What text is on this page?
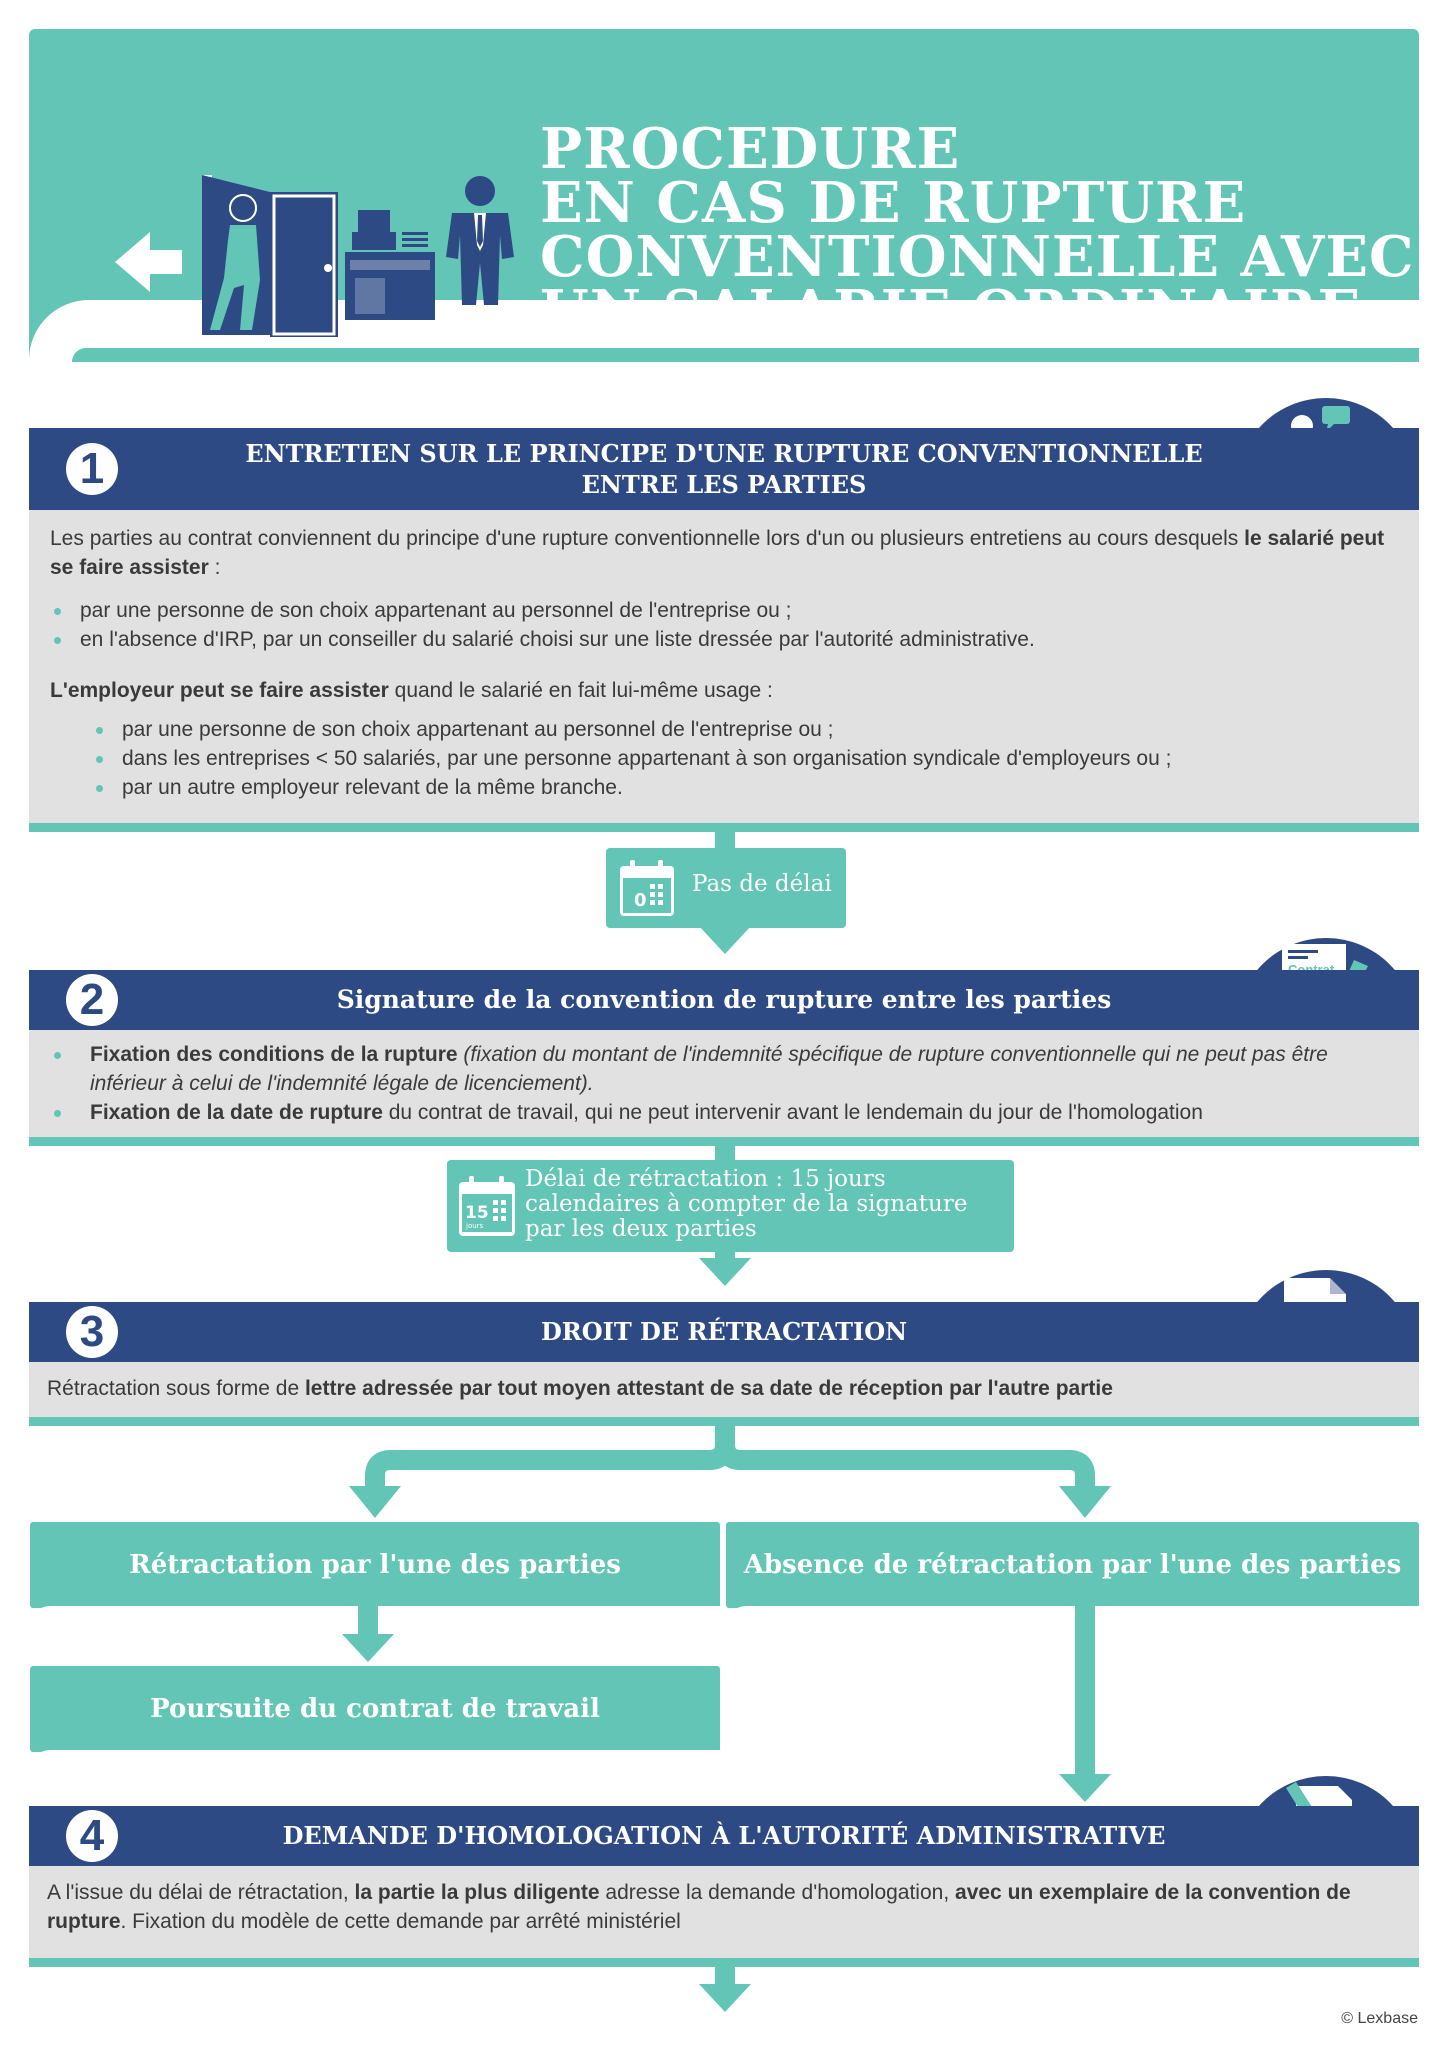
PROCEDURE
EN CAS DE RUPTURE
CONVENTIONNELLE AVEC
UN SALARIE ORDINAIRE
ENTRETIEN SUR LE PRINCIPE D'UNE RUPTURE CONVENTIONNELLE
ENTRE LES PARTIES
1

Les parties au contrat conviennent du principe d'une rupture conventionnelle lors d'un ou plusieurs entretiens au cours desquels le salarié peut se faire assister :

par une personne de son choix appartenant au personnel de l'entreprise ou ;
en l'absence d'IRP, par un conseiller du salarié choisi sur une liste dressée par l'autorité administrative.

L'employeur peut se faire assister quand le salarié en fait lui-même usage :

par une personne de son choix appartenant au personnel de l'entreprise ou ;
dans les entreprises < 50 salariés, par une personne appartenant à son organisation syndicale d'employeurs ou ;
par un autre employeur relevant de la même branche.
0
Pas de délai
Signature de la convention de rupture entre les parties
2
Fixation des conditions de la rupture (fixation du montant de l'indemnité spécifique de rupture conventionnelle qui ne peut pas être inférieur à celui de l'indemnité légale de licenciement).
Fixation de la date de rupture du contrat de travail, qui ne peut intervenir avant le lendemain du jour de l'homologation
15
jours
Délai de rétractation : 15 jours
calendaires à compter de la signature
par les deux parties
DROIT DE RÉTRACTATION
3
Rétractation sous forme de lettre adressée par tout moyen attestant de sa date de réception par l'autre partie
Rétractation par l'une des parties	Absence de rétractation par l'une des parties
Poursuite du contrat de travail
DEMANDE D'HOMOLOGATION À L'AUTORITÉ ADMINISTRATIVE
4
A l'issue du délai de rétractation, la partie la plus diligente adresse la demande d'homologation, avec un exemplaire de la convention de rupture. Fixation du modèle de cette demande par arrêté ministériel
© Lexbase
